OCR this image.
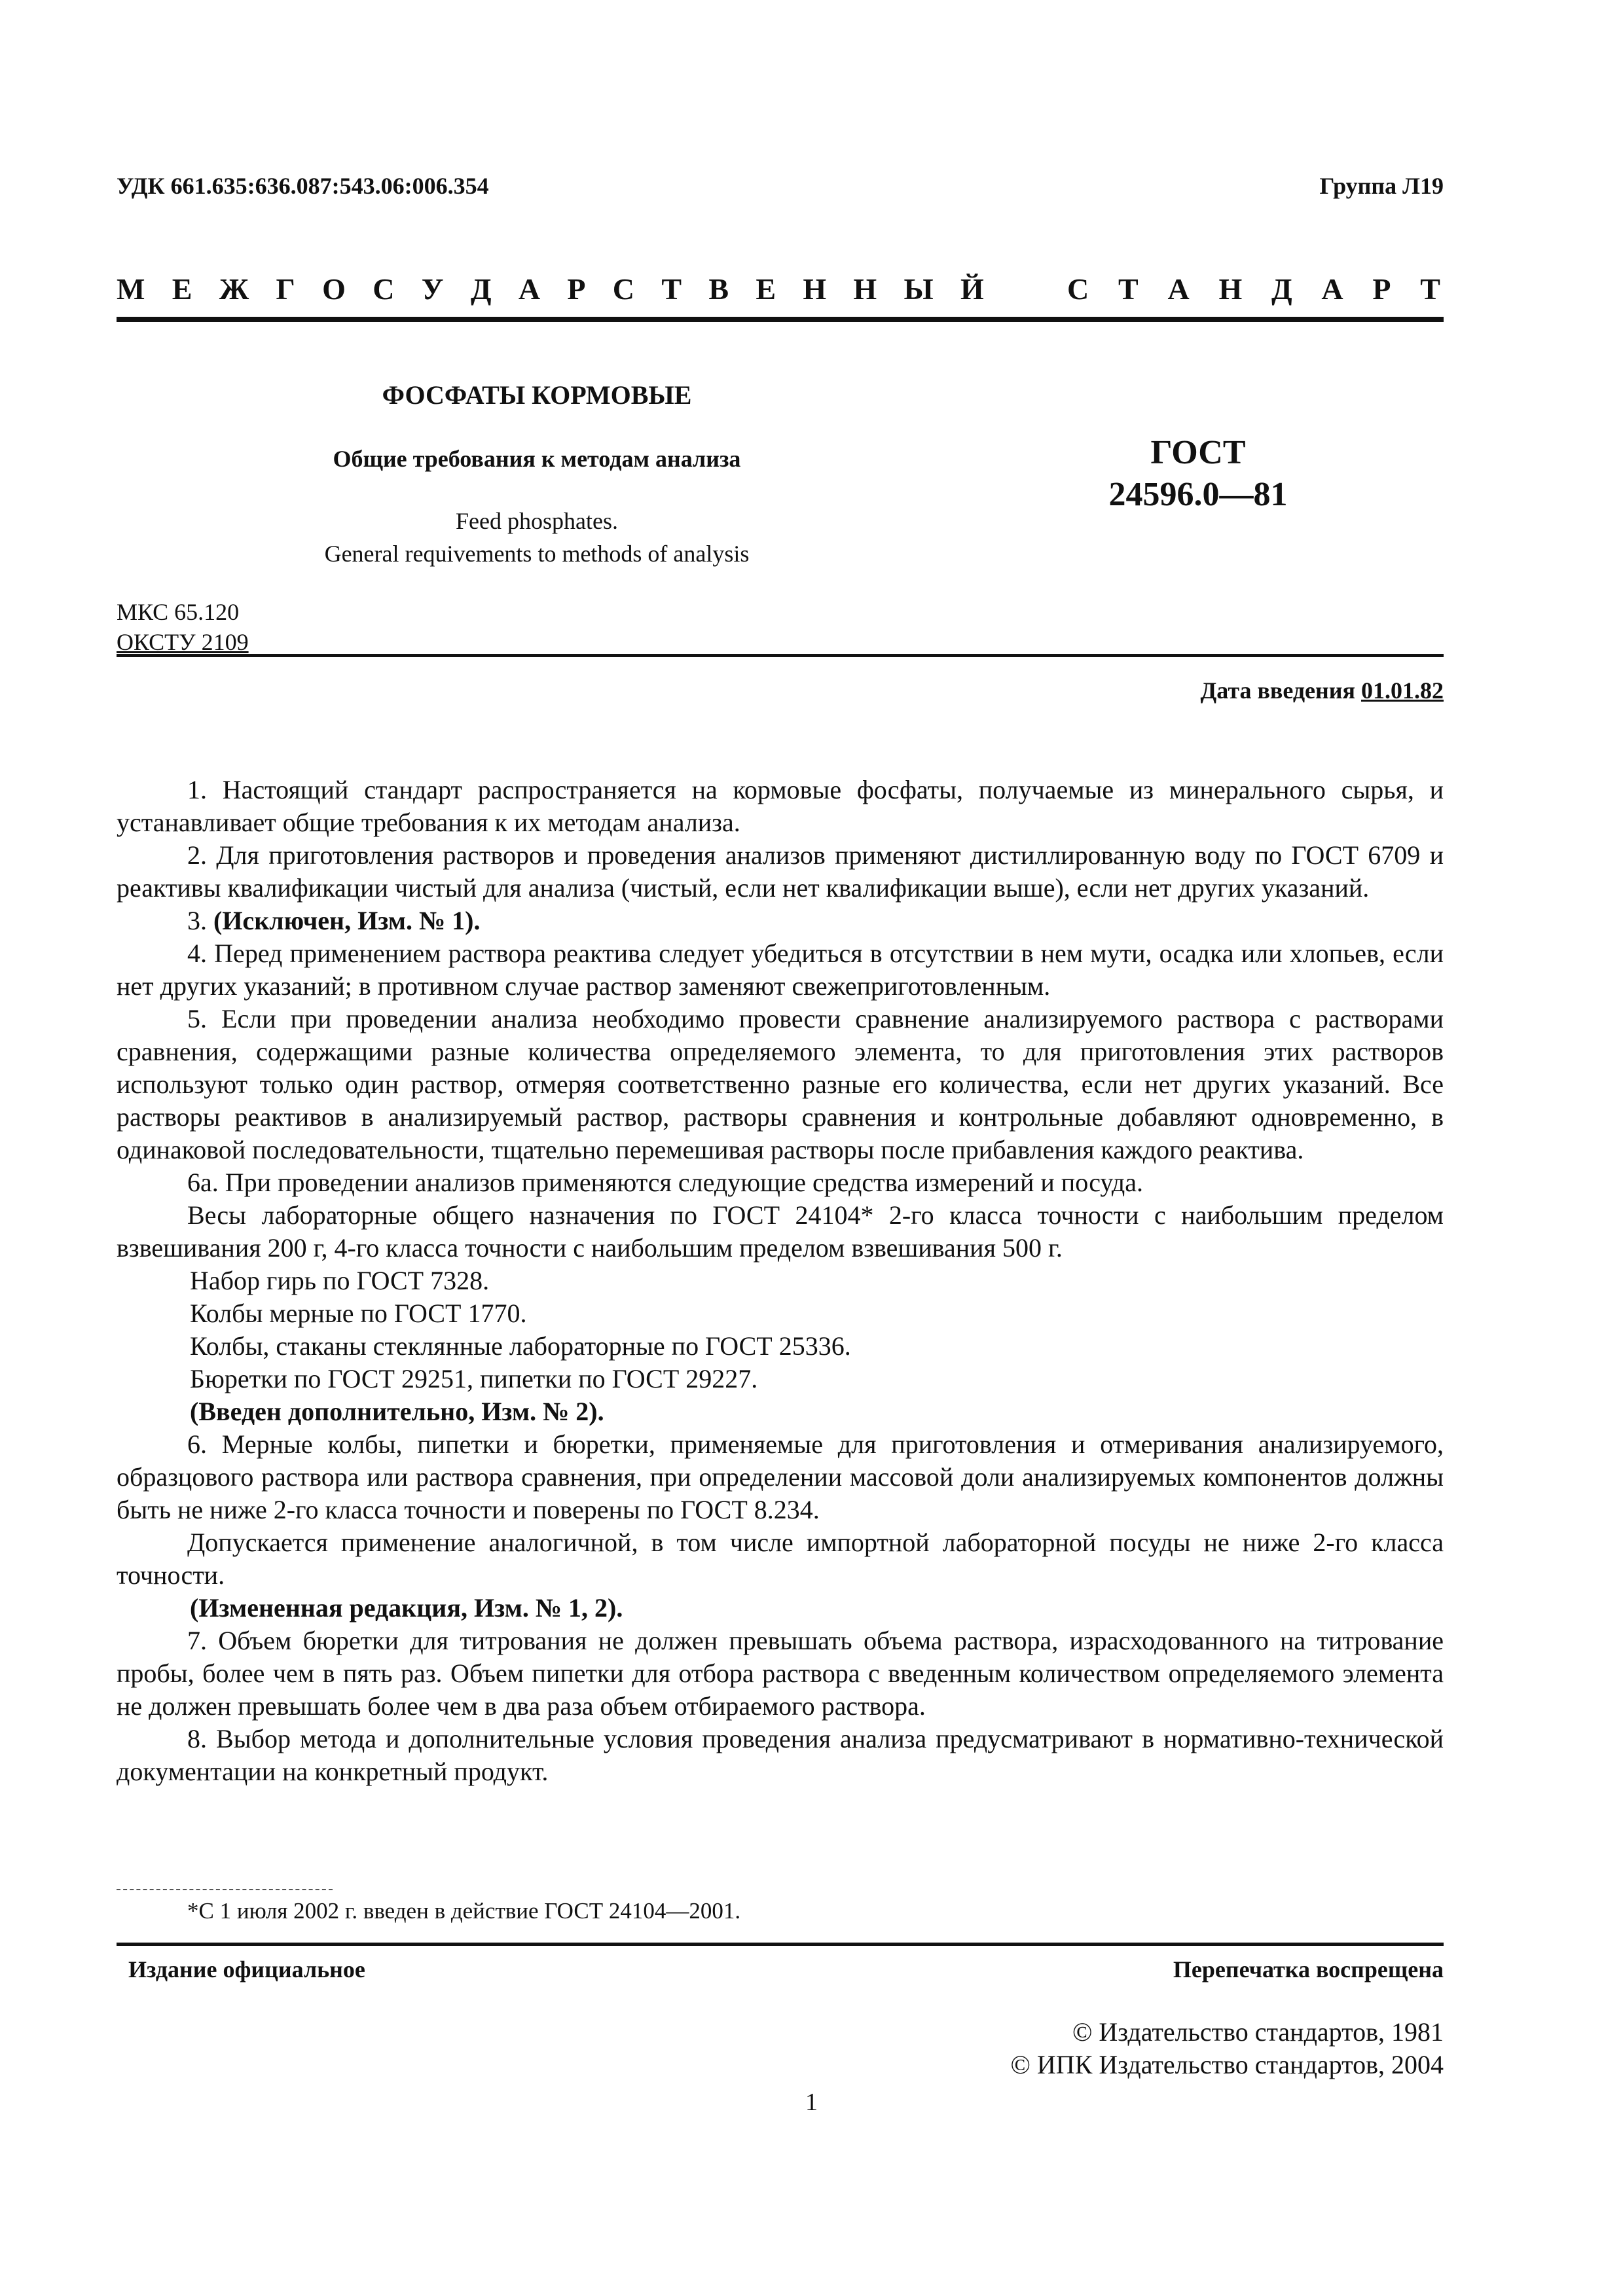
УДК 661.635:636.087:543.06:006.354	Группа Л19
М Е Ж Г О С У Д А Р С Т В Е Н Н Ы Й	С Т А Н Д А Р Т
ФОСФАТЫ КОРМОВЫЕ
Общие требования к методам анализа
Feed phosphates.
General requivements to methods of analysis
ГОСТ
24596.0—81
МКС 65.120
ОКСТУ 2109
Дата введения 01.01.82

1. Настоящий стандарт распространяется на кормовые фосфаты, получаемые из минерального сырья, и устанавливает общие требования к их методам анализа.

2. Для приготовления растворов и проведения анализов применяют дистиллированную воду по ГОСТ 6709 и реактивы квалификации чистый для анализа (чистый, если нет квалификации выше), если нет других указаний.

3. (Исключен, Изм. № 1).

4. Перед применением раствора реактива следует убедиться в отсутствии в нем мути, осадка или хлопьев, если нет других указаний; в противном случае раствор заменяют свежеприготовленным.

5. Если при проведении анализа необходимо провести сравнение анализируемого раствора с растворами сравнения, содержащими разные количества определяемого элемента, то для приготовления этих растворов используют только один раствор, отмеряя соответственно разные его количества, если нет других указаний. Все растворы реактивов в анализируемый раствор, растворы сравнения и контрольные добавляют одновременно, в одинаковой последовательности, тщательно перемешивая растворы после прибавления каждого реактива.

6а. При проведении анализов применяются следующие средства измерений и посуда.

Весы лабораторные общего назначения по ГОСТ 24104* 2-го класса точности с наибольшим пределом взвешивания 200 г, 4-го класса точности с наибольшим пределом взвешивания 500 г.

Набор гирь по ГОСТ 7328.

Колбы мерные по ГОСТ 1770.

Колбы, стаканы стеклянные лабораторные по ГОСТ 25336.

Бюретки по ГОСТ 29251, пипетки по ГОСТ 29227.

(Введен дополнительно, Изм. № 2).

6. Мерные колбы, пипетки и бюретки, применяемые для приготовления и отмеривания анализируемого, образцового раствора или раствора сравнения, при определении массовой доли анализируемых компонентов должны быть не ниже 2-го класса точности и поверены по ГОСТ 8.234.

Допускается применение аналогичной, в том числе импортной лабораторной посуды не ниже 2-го класса точности.

(Измененная редакция, Изм. № 1, 2).

7. Объем бюретки для титрования не должен превышать объема раствора, израсходованного на титрование пробы, более чем в пять раз. Объем пипетки для отбора раствора с введенным количеством определяемого элемента не должен превышать более чем в два раза объем отбираемого раствора.

8. Выбор метода и дополнительные условия проведения анализа предусматривают в нормативно-технической документации на конкретный продукт.

*С 1 июля 2002 г. введен в действие ГОСТ 24104—2001.
Издание официальное	Перепечатка воспрещена
© Издательство стандартов, 1981
© ИПК Издательство стандартов, 2004
1
